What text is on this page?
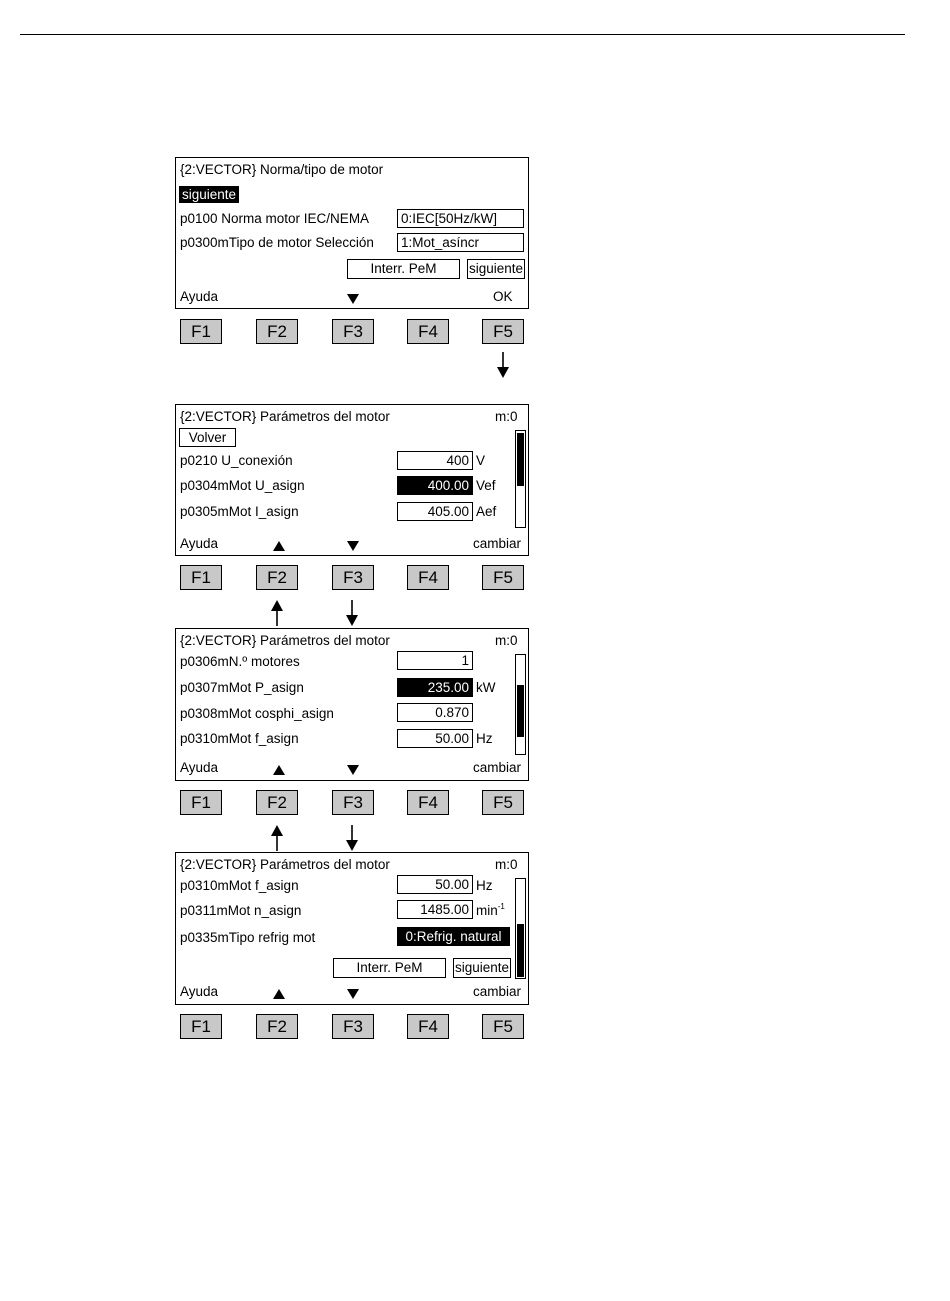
{2:VECTOR} Norma/tipo de motor
siguiente
p0100 Norma motor IEC/NEMA 0:IEC[50Hz/kW]
p0300mTipo de motor Selección 1:Mot_asíncr
Interr. PeM	siguiente
Ayuda	OK
F1	F2	F3	F4	F5
{2:VECTOR} Parámetros del motor	m:0
Volver
p0210 U_conexión	400 V
p0304mMot U_asign	400.00 Vef
p0305mMot I_asign	405.00 Aef
Ayuda	cambiar
F1	F2	F3	F4	F5
{2:VECTOR} Parámetros del motor	m:0
p0306mN.º motores	1
p0307mMot P_asign	235.00 kW
p0308mMot cosphi_asign	0.870
p0310mMot f_asign	50.00 Hz
Ayuda	cambiar
F1	F2	F3	F4	F5
{2:VECTOR} Parámetros del motor	m:0
p0310mMot f_asign	50.00 Hz
p0311mMot n_asign	1485.00 $\min^{-1}$
p0335mTipo refrig mot	0:Refrig. natural
Interr. PeM	siguiente
Ayuda	cambiar
F1	F2	F3	F4	F5
